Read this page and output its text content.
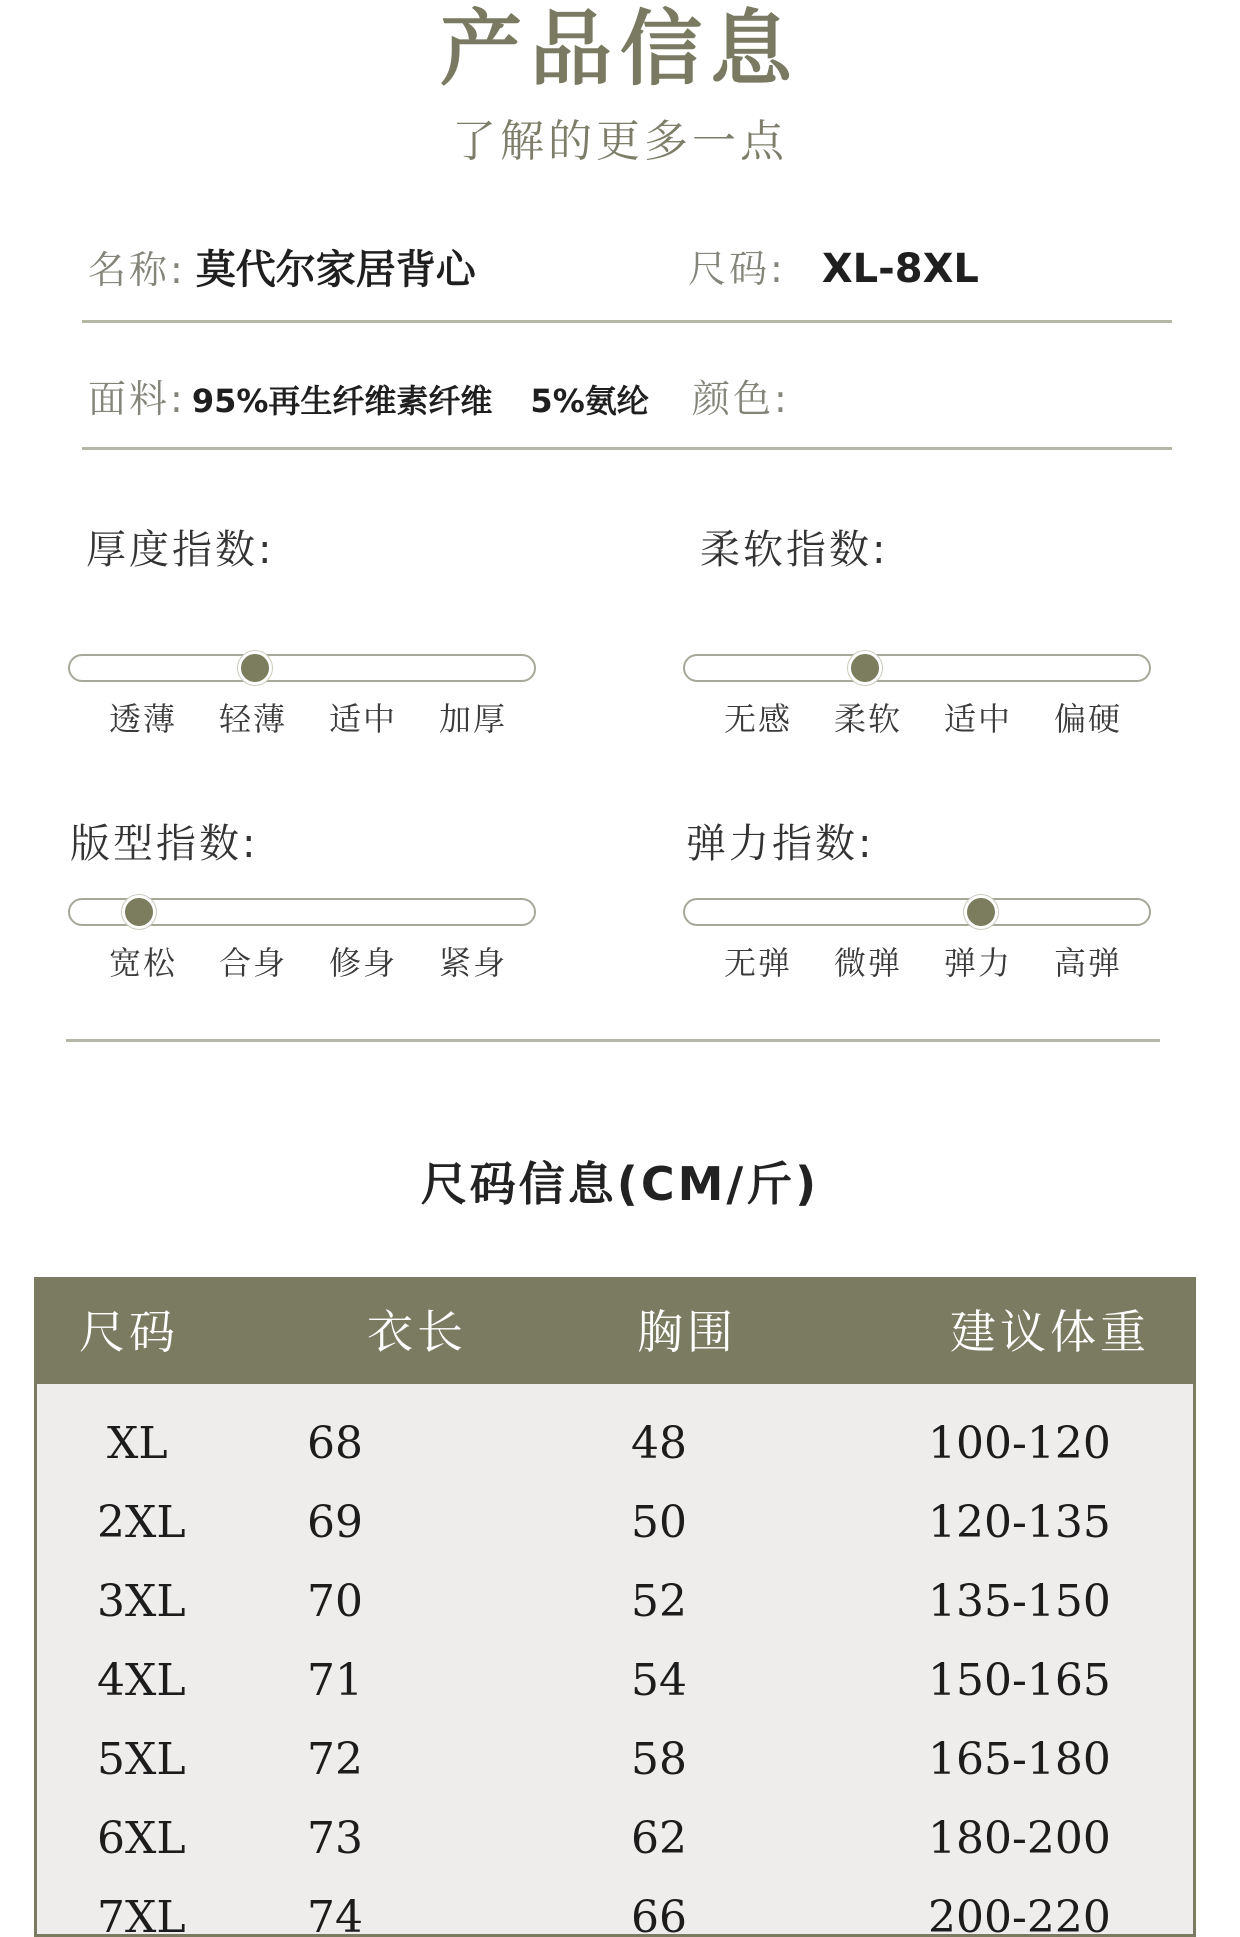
产品信息
了解的更多一点
名称: 莫代尔家居背心	尺码: XL-8XL
面料: 95%再生纤维素纤维 5%氨纶 颜色:
厚度指数:
透薄	轻薄	适中	加厚
柔软指数:
无感	柔软	适中	偏硬
版型指数:
宽松	合身	修身	紧身
弹力指数:
无弹	微弹	弹力	高弹
尺码信息(CM/斤)
尺码	衣长	胸围	建议体重
XL	68	48	100-120
2XL	69	50	120-135
3XL	70	52	135-150
4XL	71	54	150-165
5XL	72	58	165-180
6XL	73	62	180-200
7XL	74	66	200-220
